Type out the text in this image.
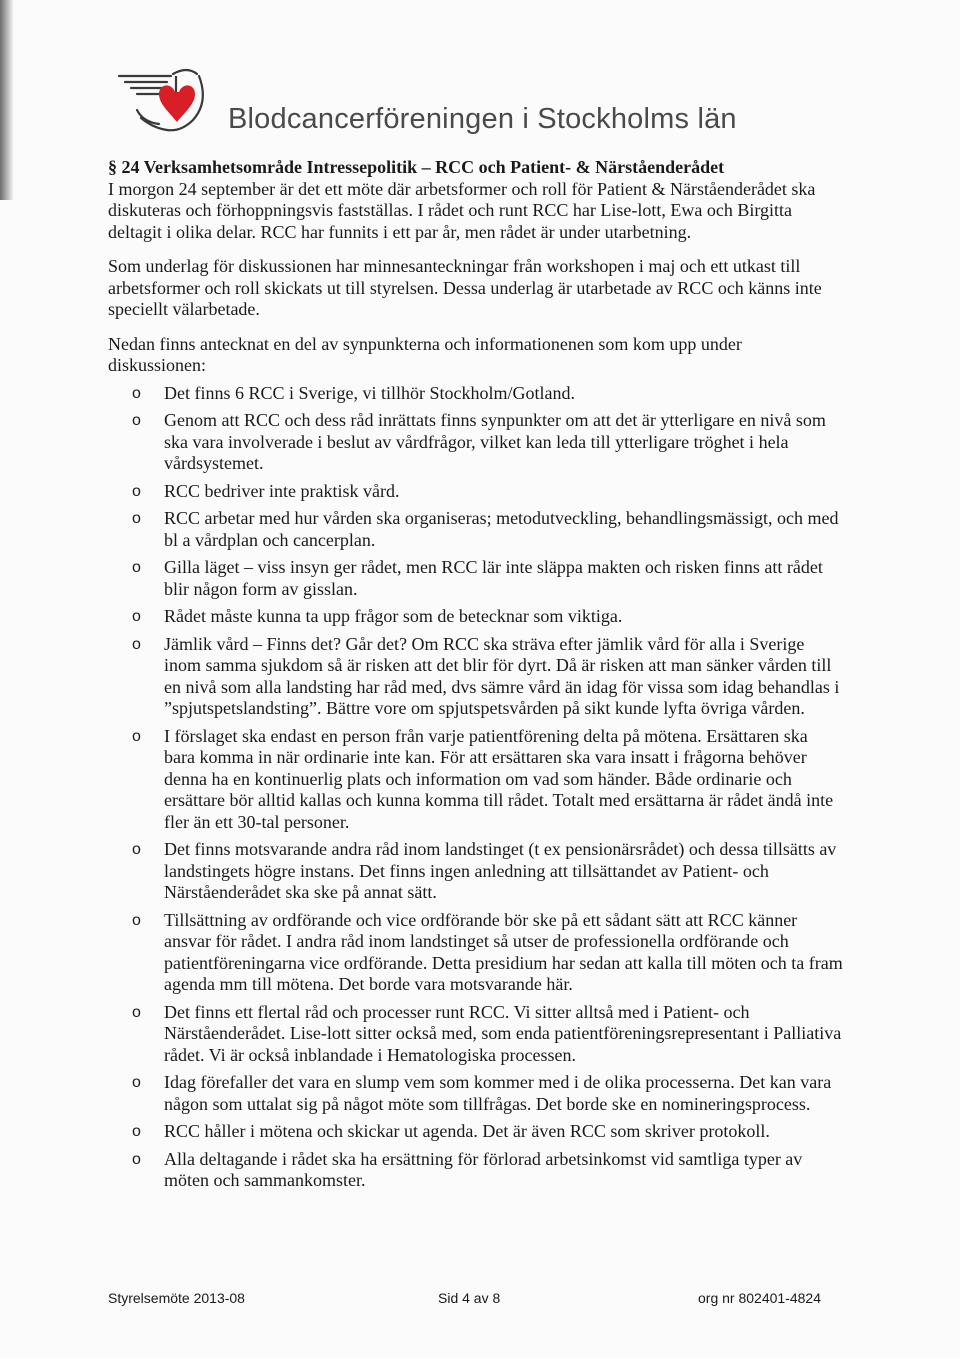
Blodcancerföreningen i Stockholms län

§ 24 Verksamhetsområde Intressepolitik – RCC och Patient- & Närståenderådet

I morgon 24 september är det ett möte där arbetsformer och roll för Patient & Närståenderådet ska diskuteras och förhoppningsvis fastställas. I rådet och runt RCC har Lise-lott, Ewa och Birgitta deltagit i olika delar. RCC har funnits i ett par år, men rådet är under utarbetning.

Som underlag för diskussionen har minnesanteckningar från workshopen i maj och ett utkast till arbetsformer och roll skickats ut till styrelsen. Dessa underlag är utarbetade av RCC och känns inte speciellt välarbetade.

Nedan finns antecknat en del av synpunkterna och informationenen som kom upp under diskussionen:

o Det finns 6 RCC i Sverige, vi tillhör Stockholm/Gotland.
o Genom att RCC och dess råd inrättats finns synpunkter om att det är ytterligare en nivå som ska vara involverade i beslut av vårdfrågor, vilket kan leda till ytterligare tröghet i hela vårdsystemet.
o RCC bedriver inte praktisk vård.
o RCC arbetar med hur vården ska organiseras; metodutveckling, behandlingsmässigt, och med bl a vårdplan och cancerplan.
o Gilla läget – viss insyn ger rådet, men RCC lär inte släppa makten och risken finns att rådet blir någon form av gisslan.
o Rådet måste kunna ta upp frågor som de betecknar som viktiga.
o Jämlik vård – Finns det? Går det? Om RCC ska sträva efter jämlik vård för alla i Sverige inom samma sjukdom så är risken att det blir för dyrt. Då är risken att man sänker vården till en nivå som alla landsting har råd med, dvs sämre vård än idag för vissa som idag behandlas i ”spjutspetslandsting”. Bättre vore om spjutspetsvården på sikt kunde lyfta övriga vården.
o I förslaget ska endast en person från varje patientförening delta på mötena. Ersättaren ska bara komma in när ordinarie inte kan. För att ersättaren ska vara insatt i frågorna behöver denna ha en kontinuerlig plats och information om vad som händer. Både ordinarie och ersättare bör alltid kallas och kunna komma till rådet. Totalt med ersättarna är rådet ändå inte fler än ett 30-tal personer.
o Det finns motsvarande andra råd inom landstinget (t ex pensionärsrådet) och dessa tillsätts av landstingets högre instans. Det finns ingen anledning att tillsättandet av Patient- och Närståenderådet ska ske på annat sätt.
o Tillsättning av ordförande och vice ordförande bör ske på ett sådant sätt att RCC känner ansvar för rådet. I andra råd inom landstinget så utser de professionella ordförande och patientföreningarna vice ordförande. Detta presidium har sedan att kalla till möten och ta fram agenda mm till mötena. Det borde vara motsvarande här.
o Det finns ett flertal råd och processer runt RCC. Vi sitter alltså med i Patient- och Närståenderådet. Lise-lott sitter också med, som enda patientföreningsrepresentant i Palliativa rådet. Vi är också inblandade i Hematologiska processen.
o Idag förefaller det vara en slump vem som kommer med i de olika processerna. Det kan vara någon som uttalat sig på något möte som tillfrågas. Det borde ske en nomineringsprocess.
o RCC håller i mötena och skickar ut agenda. Det är även RCC som skriver protokoll.
o Alla deltagande i rådet ska ha ersättning för förlorad arbetsinkomst vid samtliga typer av möten och sammankomster.

Styrelsemöte 2013-08	Sid 4 av 8	org nr 802401-4824
